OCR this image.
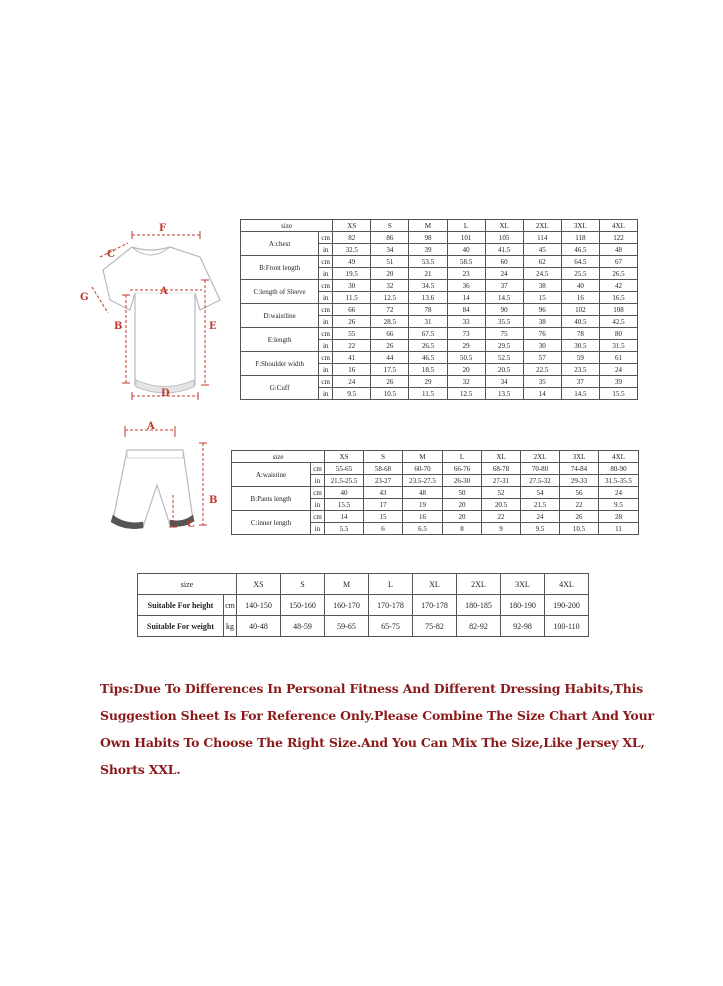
F
C
A
B	E
D
G
size		XS	S	M	L	XL	2XL	3XL	4XL
A:chest	cm	82	86	98	101	105	114	118	122
	in	32.5	34	39	40	41.5	45	46.5	48
B:Front length	cm	49	51	53.5	58.5	60	62	64.5	67
	in	19.5	20	21	23	24	24.5	25.5	26.5
C:length of Sleeve	cm	30	32	34.5	36	37	38	40	42
	in	11.5	12.5	13.6	14	14.5	15	16	16.5
D:waistline	cm	66	72	78	84	90	96	102	108
	in	26	28.5	31	33	35.5	38	40.5	42.5
E:length	cm	55	66	67.5	73	75	76	78	80
	in	22	26	26.5	29	29.5	30	30.5	31.5
F:Shoulder width	cm	41	44	46.5	50.5	52.5	57	59	61
	in	16	17.5	18.5	20	20.5	22.5	23.5	24
G:Cuff	cm	24	26	29	32	34	35	37	39
	in	9.5	10.5	11.5	12.5	13.5	14	14.5	15.5
A
B
C
size		XS	S	M	L	XL	2XL	3XL	4XL
A:waistine	cm	55-65	58-68	60-70	66-76	68-78	70-80	74-84	80-90
	in	21.5-25.5	23-27	23.5-27.5	26-30	27-31	27.5-32	29-33	31.5-35.5
B:Pants length	cm	40	43	48	50	52	54	56	24
	in	15.5	17	19	20	20.5	21.5	22	9.5
C:inner length	cm	14	15	16	20	22	24	26	28
	in	5.5	6	6.5	8	9	9.5	10.5	11
size		XS	S	M	L	XL	2XL	3XL	4XL
Suitable For height	cm	140-150	150-160	160-170	170-178	170-178	180-185	180-190	190-200
Suitable For weight	kg	40-48	48-59	59-65	65-75	75-82	82-92	92-98	100-110
Tips:Due To Differences In Personal Fitness And Different Dressing Habits,This
Suggestion Sheet Is For Reference Only.Please Combine The Size Chart And Your
Own Habits To Choose The Right Size.And You Can Mix The Size,Like Jersey XL,
Shorts XXL.
